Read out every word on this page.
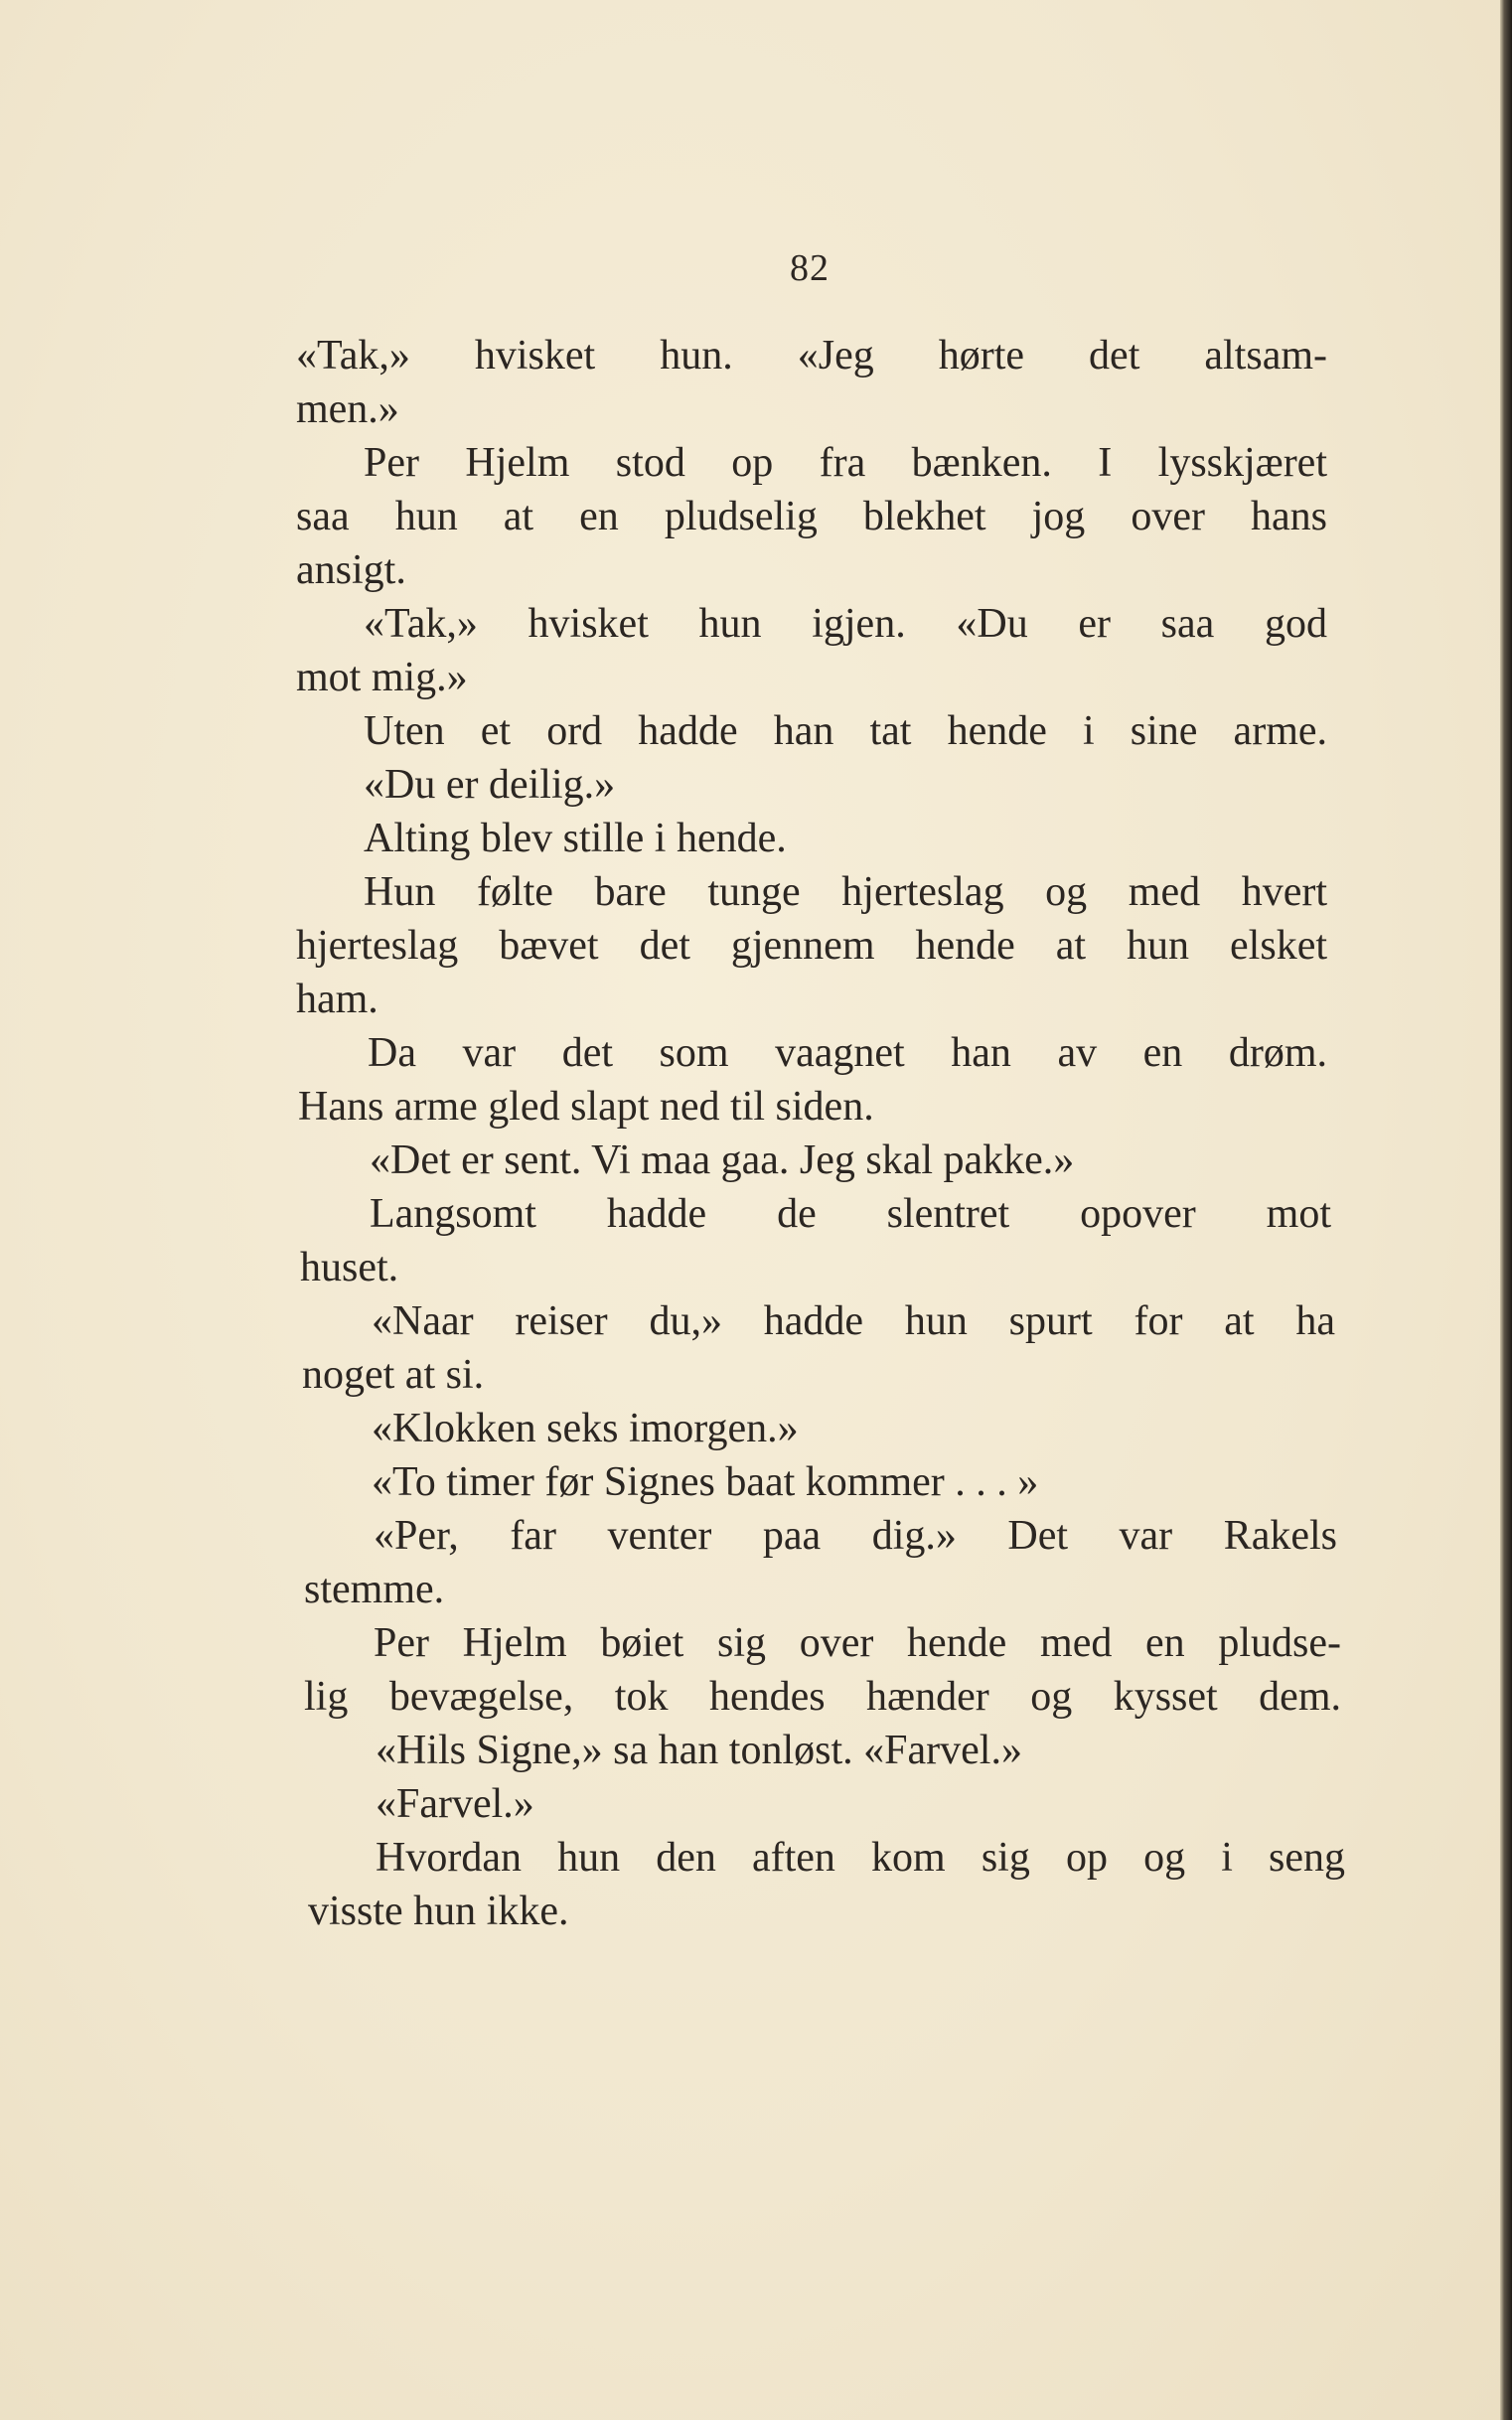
82
«Tak,» hvisket hun. «Jeg hørte det altsam-
men.»
Per Hjelm stod op fra bænken. I lysskjæret
saa hun at en pludselig blekhet jog over hans
ansigt.
«Tak,» hvisket hun igjen. «Du er saa god
mot mig.»
Uten et ord hadde han tat hende i sine arme.
«Du er deilig.»
Alting blev stille i hende.
Hun følte bare tunge hjerteslag og med hvert
hjerteslag bævet det gjennem hende at hun elsket
ham.
Da var det som vaagnet han av en drøm.
Hans arme gled slapt ned til siden.
«Det er sent. Vi maa gaa. Jeg skal pakke.»
Langsomt hadde de slentret opover mot
huset.
«Naar reiser du,» hadde hun spurt for at ha
noget at si.
«Klokken seks imorgen.»
«To timer før Signes baat kommer . . . »
«Per, far venter paa dig.» Det var Rakels
stemme.
Per Hjelm bøiet sig over hende med en pludse-
lig bevægelse, tok hendes hænder og kysset dem.
«Hils Signe,» sa han tonløst. «Farvel.»
«Farvel.»
Hvordan hun den aften kom sig op og i seng
visste hun ikke.
